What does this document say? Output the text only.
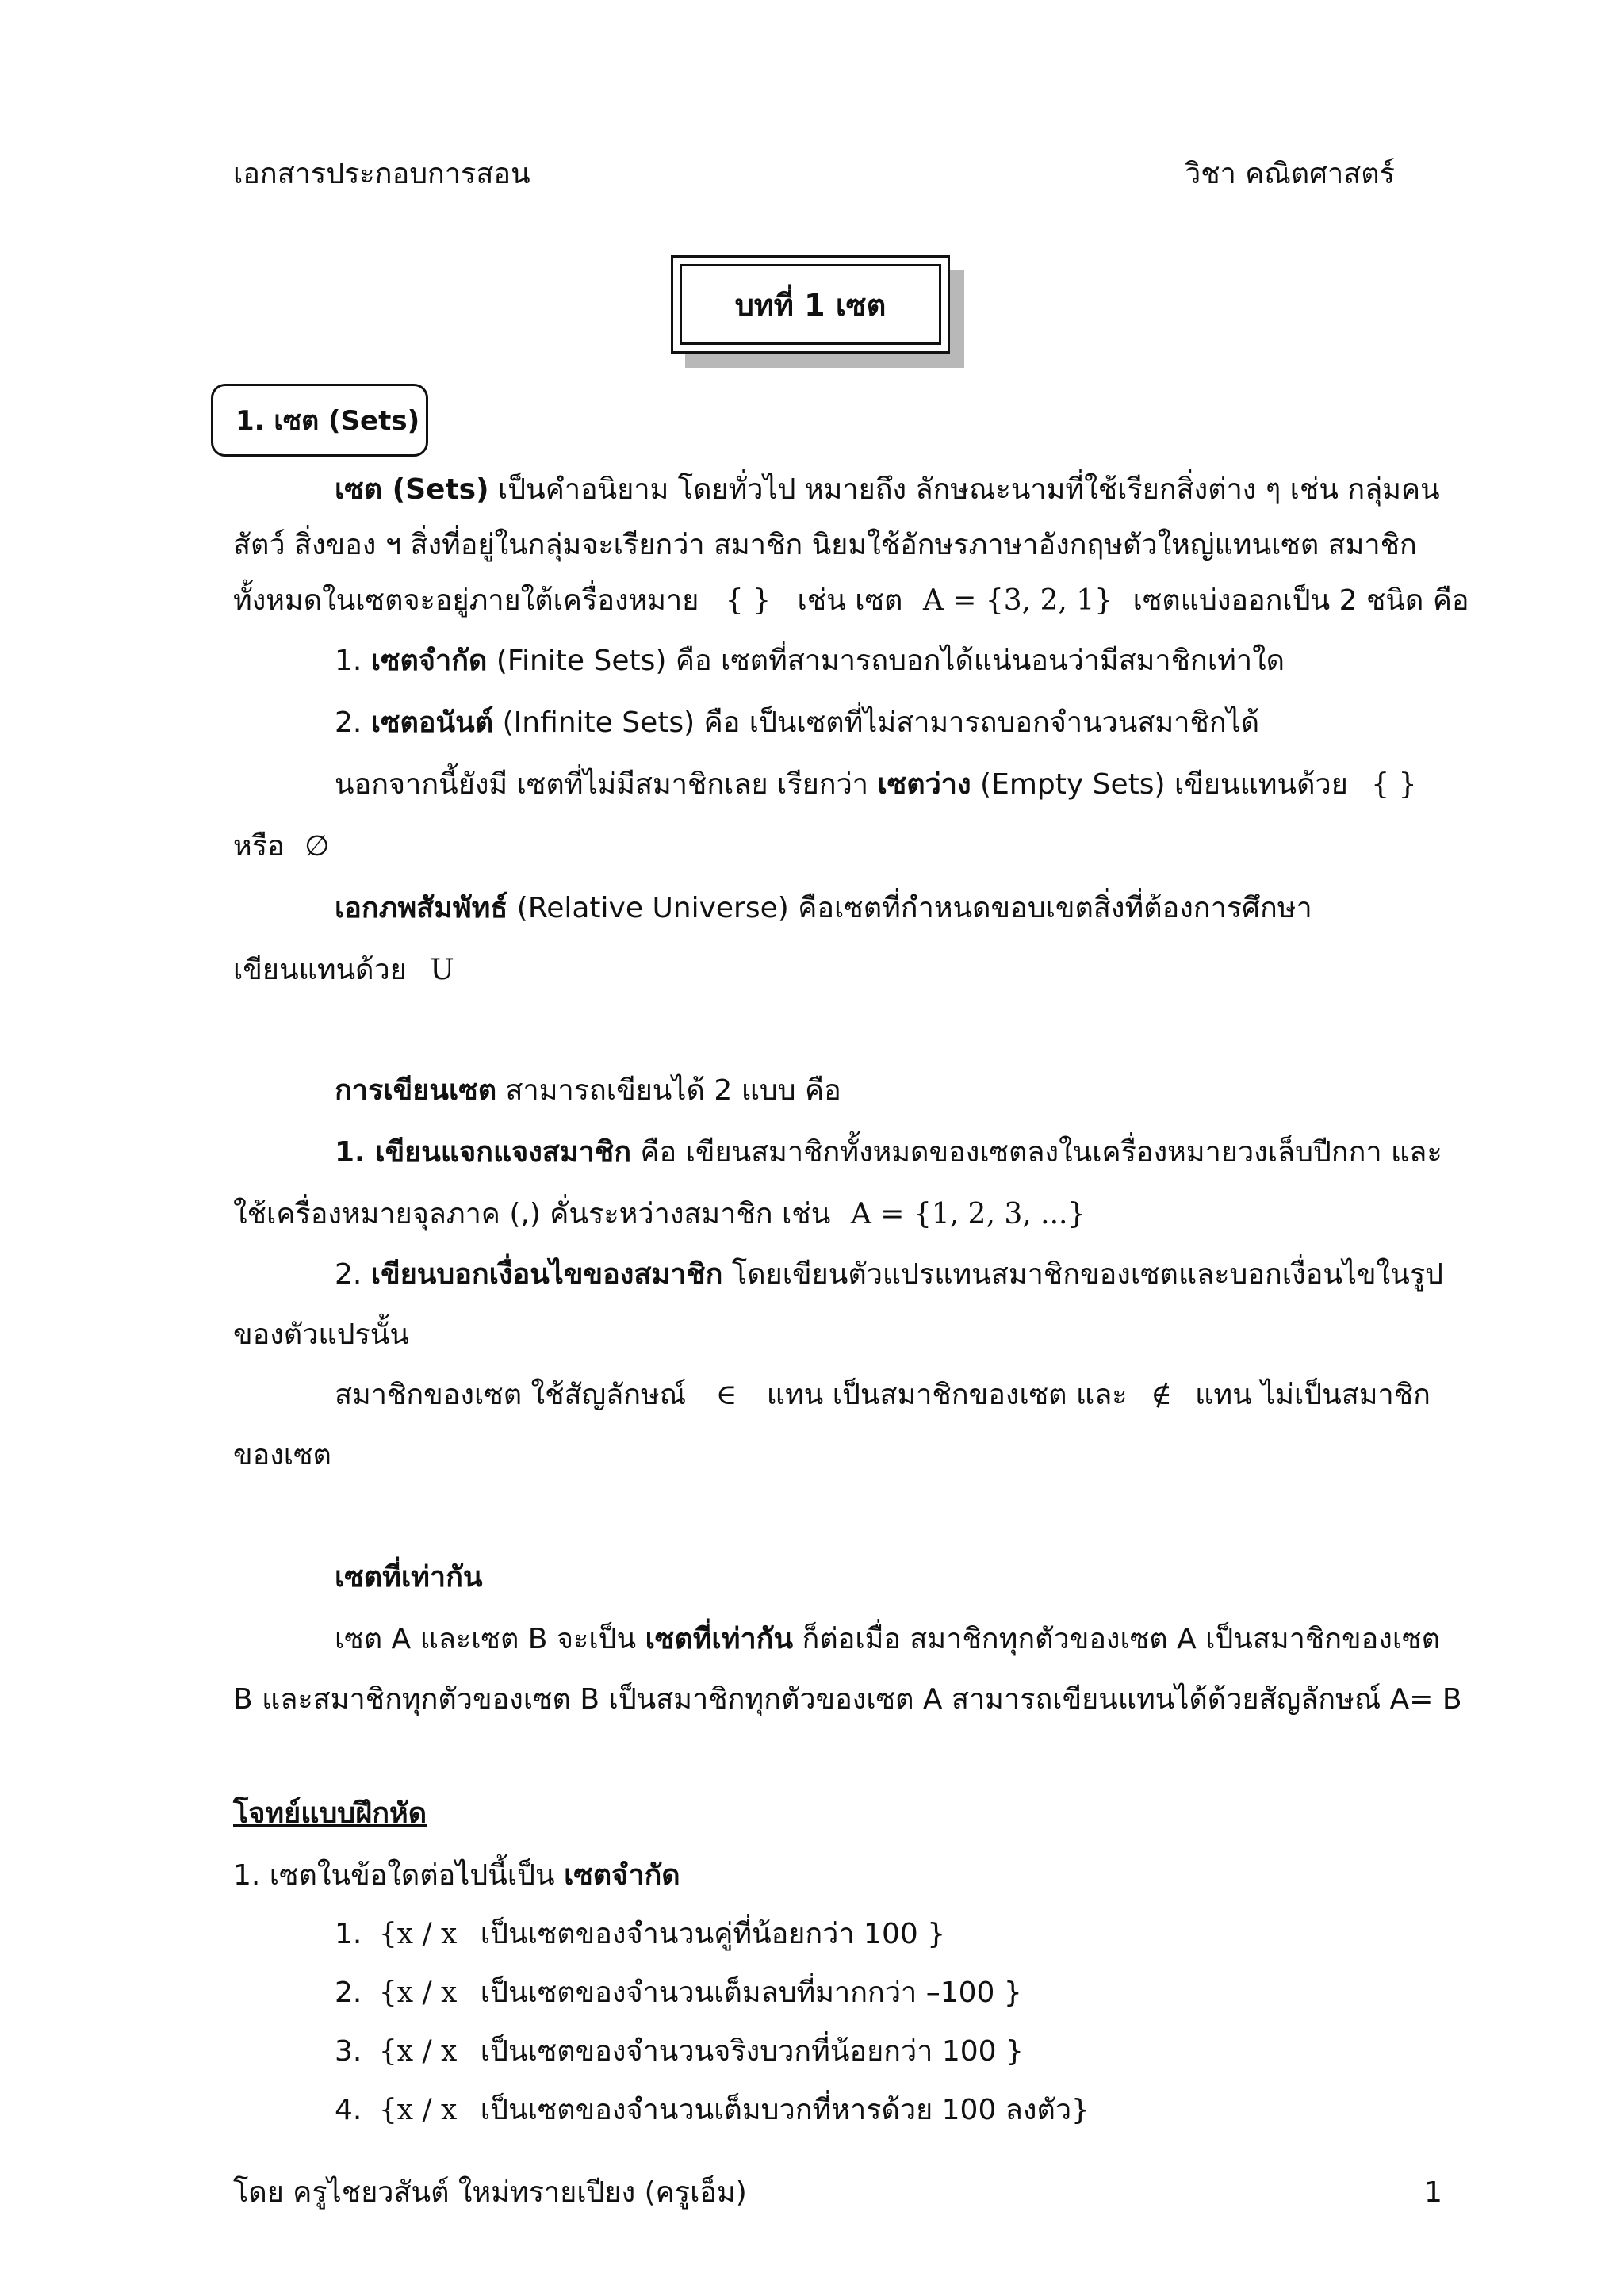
เอกสารประกอบการสอน	วิชา คณิตศาสตร์
บทที่ 1 เซต
1. เซต (Sets)
เซต (Sets) เป็นคำอนิยาม โดยทั่วไป หมายถึง ลักษณะนามที่ใช้เรียกสิ่งต่าง ๆ เช่น กลุ่มคน
สัตว์ สิ่งของ ฯ สิ่งที่อยู่ในกลุ่มจะเรียกว่า สมาชิก นิยมใช้อักษรภาษาอังกฤษตัวใหญ่แทนเซต สมาชิก
ทั้งหมดในเซตจะอยู่ภายใต้เครื่องหมาย { } เช่น เซต A = {3, 2, 1} เซตแบ่งออกเป็น 2 ชนิด คือ
1. เซตจำกัด (Finite Sets) คือ เซตที่สามารถบอกได้แน่นอนว่ามีสมาชิกเท่าใด
2. เซตอนันต์ (Infinite Sets) คือ เป็นเซตที่ไม่สามารถบอกจำนวนสมาชิกได้
นอกจากนี้ยังมี เซตที่ไม่มีสมาชิกเลย เรียกว่า เซตว่าง (Empty Sets) เขียนแทนด้วย { }
หรือ ∅
เอกภพสัมพัทธ์ (Relative Universe) คือเซตที่กำหนดขอบเขตสิ่งที่ต้องการศึกษา
เขียนแทนด้วย U
การเขียนเซต สามารถเขียนได้ 2 แบบ คือ
1. เขียนแจกแจงสมาชิก คือ เขียนสมาชิกทั้งหมดของเซตลงในเครื่องหมายวงเล็บปีกกา และ
ใช้เครื่องหมายจุลภาค (,) คั่นระหว่างสมาชิก เช่น A = {1, 2, 3, ...}
2. เขียนบอกเงื่อนไขของสมาชิก โดยเขียนตัวแปรแทนสมาชิกของเซตและบอกเงื่อนไขในรูป
ของตัวแปรนั้น
สมาชิกของเซต ใช้สัญลักษณ์ ∈ แทน เป็นสมาชิกของเซต และ ∉ แทน ไม่เป็นสมาชิก
ของเซต
เซตที่เท่ากัน
เซต A และเซต B จะเป็น เซตที่เท่ากัน ก็ต่อเมื่อ สมาชิกทุกตัวของเซต A เป็นสมาชิกของเซต
B และสมาชิกทุกตัวของเซต B เป็นสมาชิกทุกตัวของเซต A สามารถเขียนแทนได้ด้วยสัญลักษณ์ A= B
โจทย์แบบฝึกหัด
1. เซตในข้อใดต่อไปนี้เป็น เซตจำกัด
1. {x / x เป็นเซตของจำนวนคู่ที่น้อยกว่า 100 }
2. {x / x เป็นเซตของจำนวนเต็มลบที่มากกว่า –100 }
3. {x / x เป็นเซตของจำนวนจริงบวกที่น้อยกว่า 100 }
4. {x / x เป็นเซตของจำนวนเต็มบวกที่หารด้วย 100 ลงตัว}
โดย ครูไชยวสันต์ ใหม่ทรายเปียง (ครูเอ็ม)	1
